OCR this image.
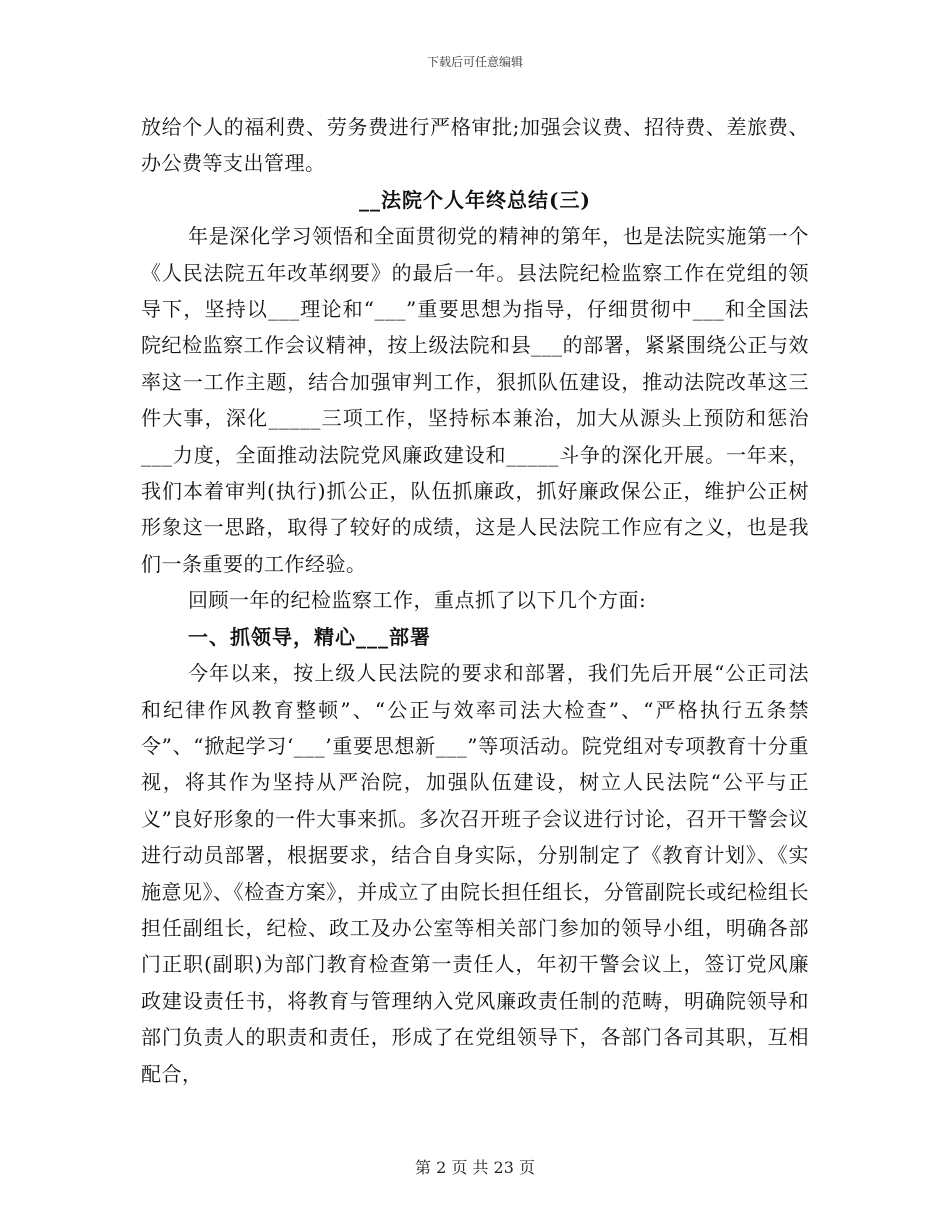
下载后可任意编辑

放给个人的福利费、劳务费进行严格审批;加强会议费、招待费、差旅费、办公费等支出管理。

__法院个人年终总结(三)

年是深化学习领悟和全面贯彻党的精神的第年，也是法院实施第一个《人民法院五年改革纲要》的最后一年。县法院纪检监察工作在党组的领导下，坚持以___理论和“___”重要思想为指导，仔细贯彻中___和全国法院纪检监察工作会议精神，按上级法院和县___的部署，紧紧围绕公正与效率这一工作主题，结合加强审判工作，狠抓队伍建设，推动法院改革这三件大事，深化_____三项工作，坚持标本兼治，加大从源头上预防和惩治___力度，全面推动法院党风廉政建设和_____斗争的深化开展。一年来，我们本着审判(执行)抓公正，队伍抓廉政，抓好廉政保公正，维护公正树形象这一思路，取得了较好的成绩，这是人民法院工作应有之义，也是我们一条重要的工作经验。

回顾一年的纪检监察工作，重点抓了以下几个方面:

一、抓领导，精心___部署

今年以来，按上级人民法院的要求和部署，我们先后开展“公正司法和纪律作风教育整顿”、“公正与效率司法大检查”、“严格执行五条禁令”、“掀起学习‘___’重要思想新___”等项活动。院党组对专项教育十分重视，将其作为坚持从严治院，加强队伍建设，树立人民法院“公平与正义”良好形象的一件大事来抓。多次召开班子会议进行讨论，召开干警会议进行动员部署，根据要求，结合自身实际，分别制定了《教育计划》、《实施意见》、《检查方案》，并成立了由院长担任组长，分管副院长或纪检组长担任副组长，纪检、政工及办公室等相关部门参加的领导小组，明确各部门正职(副职)为部门教育检查第一责任人，年初干警会议上，签订党风廉政建设责任书，将教育与管理纳入党风廉政责任制的范畴，明确院领导和部门负责人的职责和责任，形成了在党组领导下，各部门各司其职，互相配合，

第 2 页 共 23 页
